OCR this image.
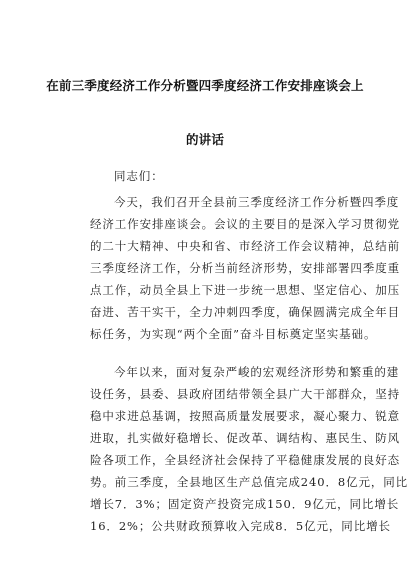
在前三季度经济工作分析暨四季度经济工作安排座谈会上
的讲话
同志们：
今天，我们召开全县前三季度经济工作分析暨四季度
经济工作安排座谈会。会议的主要目的是深入学习贯彻党
的二十大精神、中央和省、市经济工作会议精神，总结前
三季度经济工作，分析当前经济形势，安排部署四季度重
点工作，动员全县上下进一步统一思想、坚定信心、加压
奋进、苦干实干，全力冲刺四季度，确保圆满完成全年目
标任务，为实现“两个全面”奋斗目标奠定坚实基础。
今年以来，面对复杂严峻的宏观经济形势和繁重的建
设任务，县委、县政府团结带领全县广大干部群众，坚持
稳中求进总基调，按照高质量发展要求，凝心聚力、锐意
进取，扎实做好稳增长、促改革、调结构、惠民生、防风
险各项工作，全县经济社会保持了平稳健康发展的良好态
势。前三季度，全县地区生产总值完成240．8亿元，同比
增长7．3%；固定资产投资完成150．9亿元，同比增长
16．2%；公共财政预算收入完成8．5亿元，同比增长
